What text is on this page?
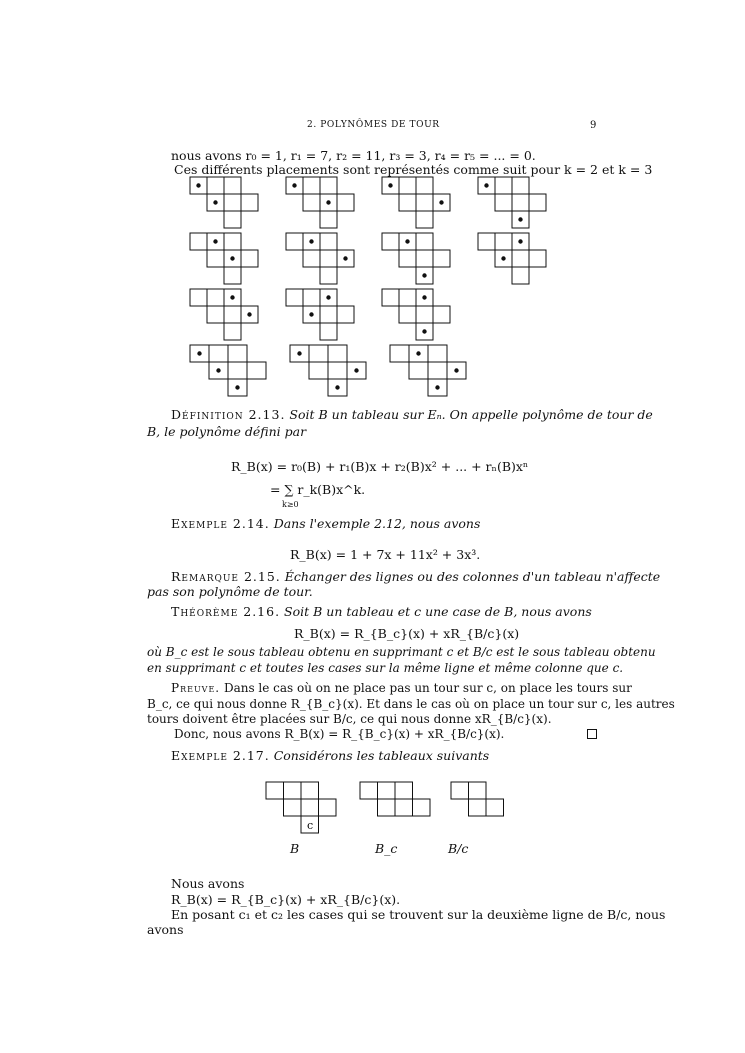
2. POLYNÔMES DE TOUR	9
nous avons r₀ = 1, r₁ = 7, r₂ = 11, r₃ = 3, r₄ = r₅ = ... = 0.
Ces différents placements sont représentés comme suit pour k = 2 et k = 3
c
Définition 2.13. Soit B un tableau sur Eₙ. On appelle polynôme de tour de
B, le polynôme défini par
R_B(x) = r₀(B) + r₁(B)x + r₂(B)x² + ... + rₙ(B)xⁿ
= ∑ r_k(B)x^k.
k≥0
Exemple 2.14. Dans l'exemple 2.12, nous avons
R_B(x) = 1 + 7x + 11x² + 3x³.
Remarque 2.15. Échanger des lignes ou des colonnes d'un tableau n'affecte
pas son polynôme de tour.
Théorème 2.16. Soit B un tableau et c une case de B, nous avons
R_B(x) = R_{B_c}(x) + xR_{B/c}(x)
où B_c est le sous tableau obtenu en supprimant c et B/c est le sous tableau obtenu
en supprimant c et toutes les cases sur la même ligne et même colonne que c.
Preuve. Dans le cas où on ne place pas un tour sur c, on place les tours sur
B_c, ce qui nous donne R_{B_c}(x). Et dans le cas où on place un tour sur c, les autres
tours doivent être placées sur B/c, ce qui nous donne xR_{B/c}(x).
Donc, nous avons R_B(x) = R_{B_c}(x) + xR_{B/c}(x).
Exemple 2.17. Considérons les tableaux suivants
B	B_c	B/c
Nous avons
R_B(x) = R_{B_c}(x) + xR_{B/c}(x).
En posant c₁ et c₂ les cases qui se trouvent sur la deuxième ligne de B/c, nous
avons
